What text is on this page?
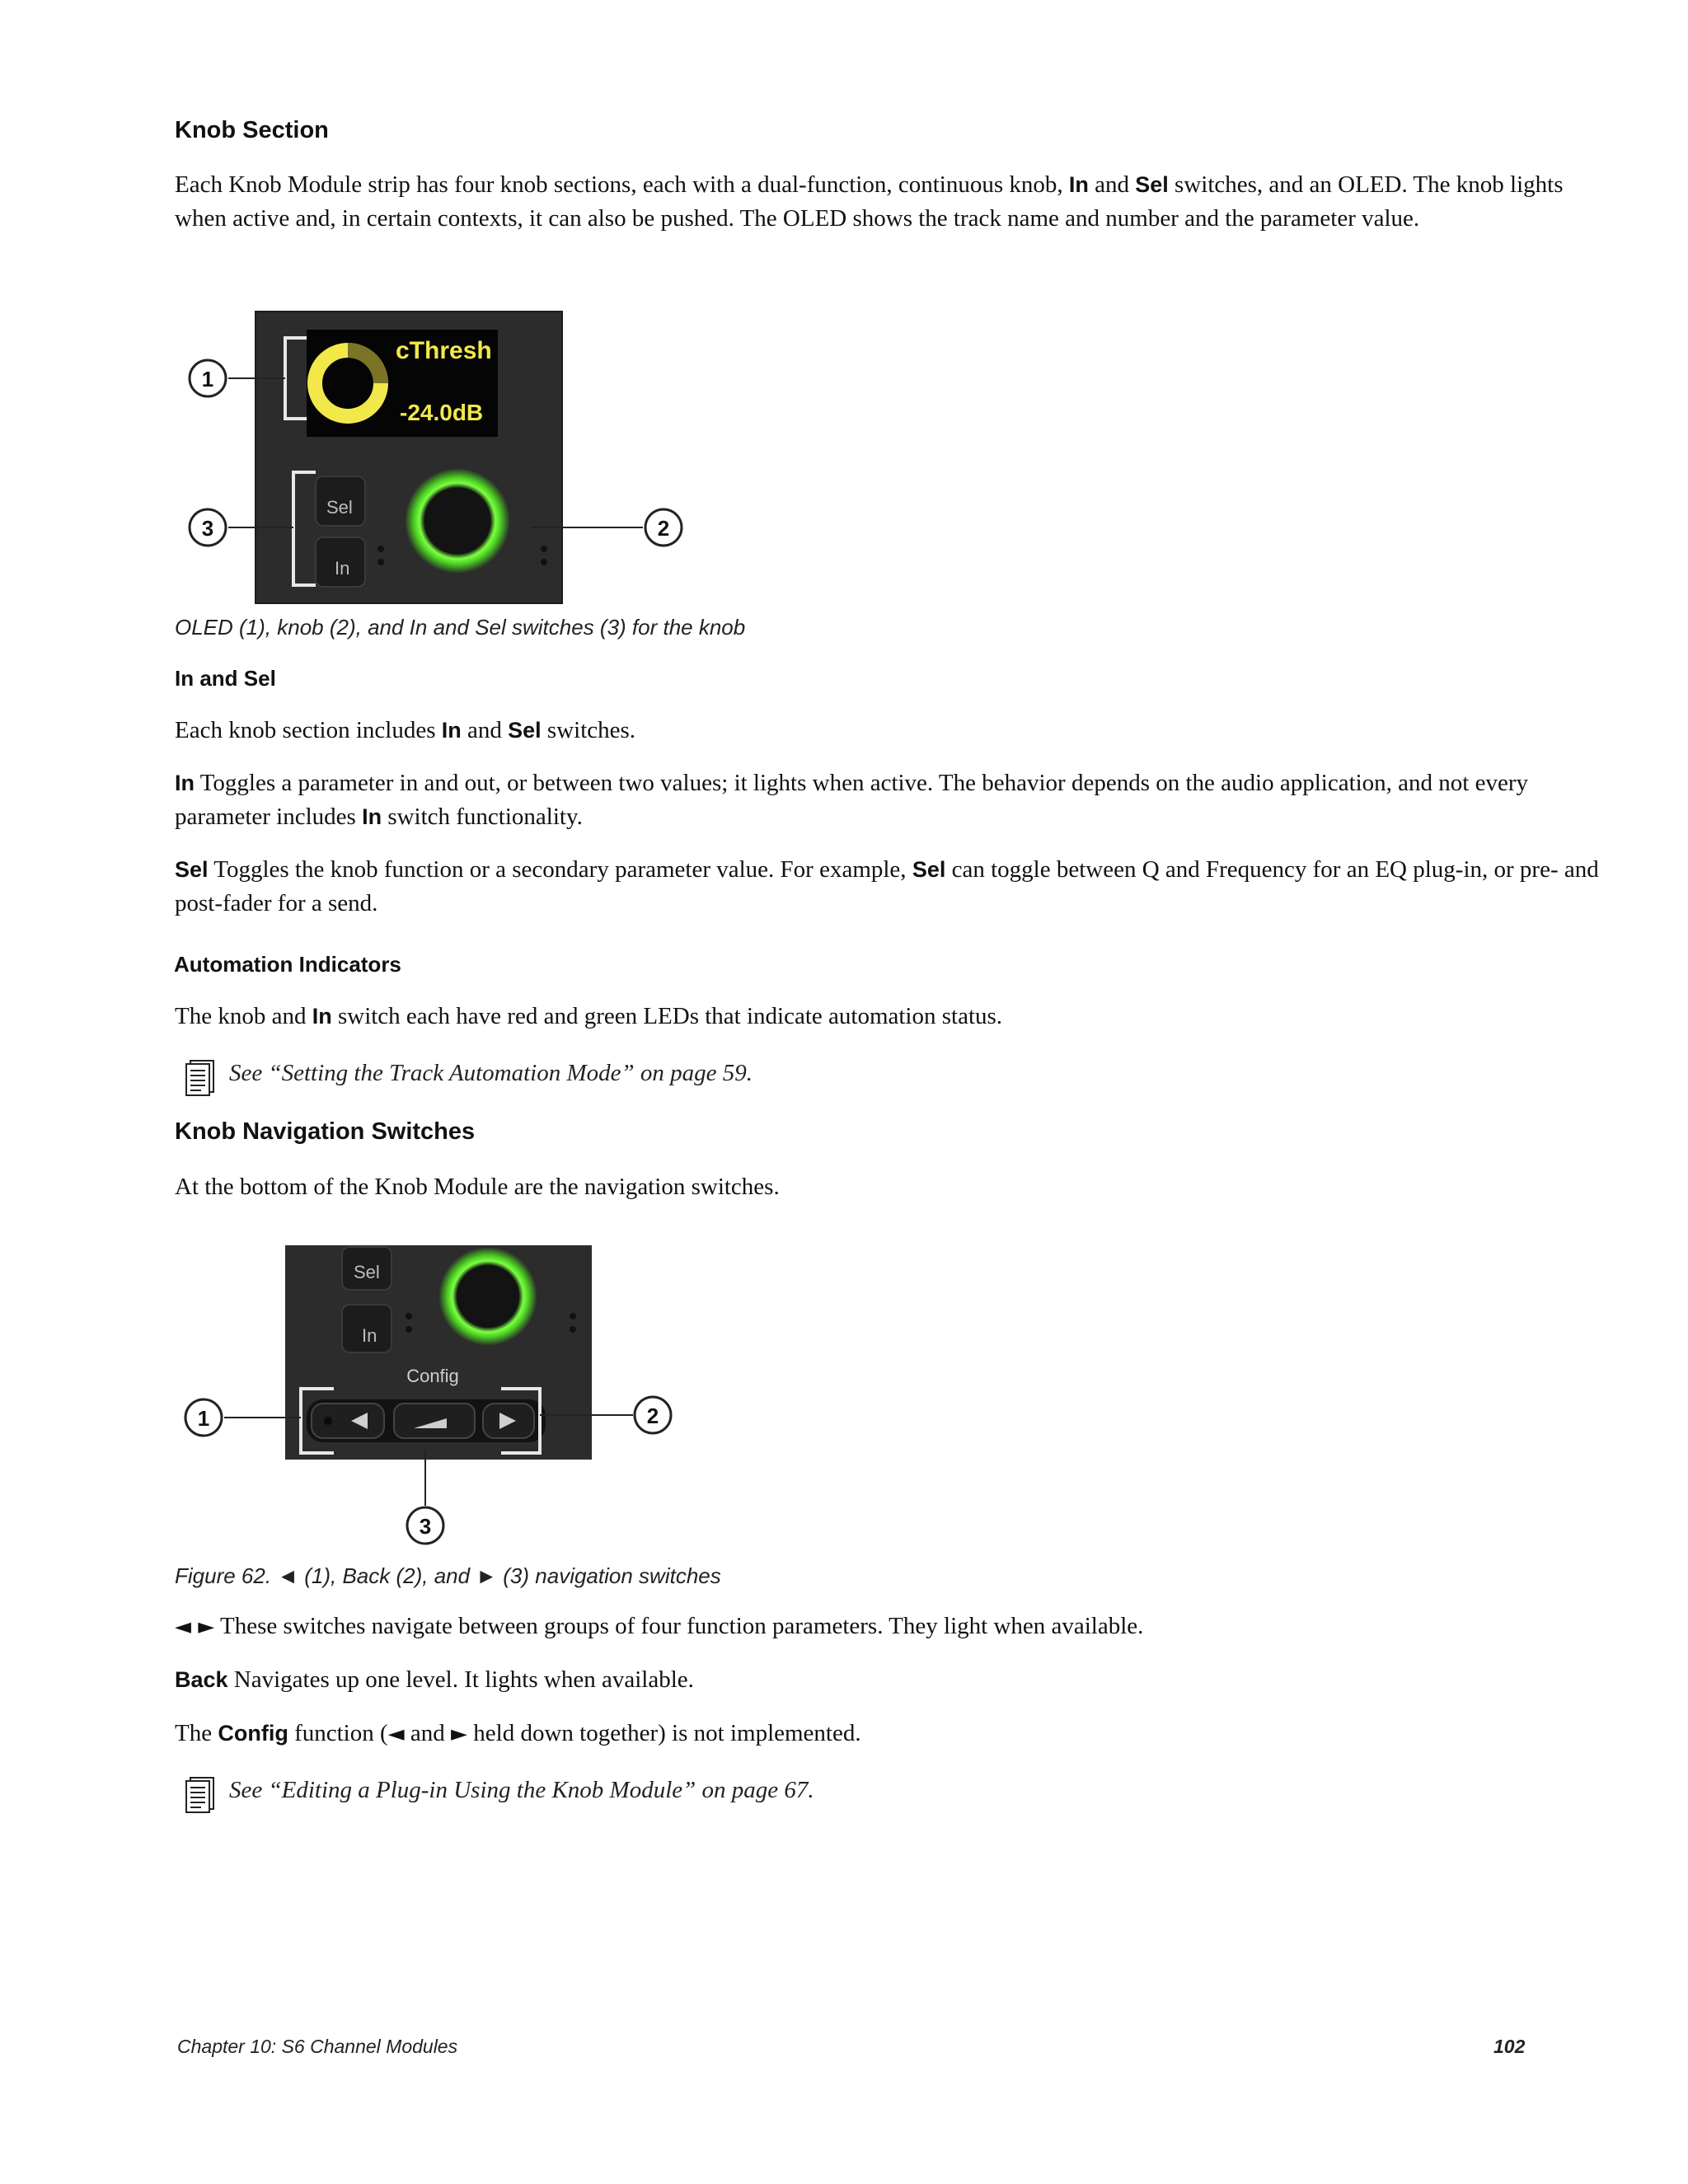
Knob Section
Each Knob Module strip has four knob sections, each with a dual-function, continuous knob, In and Sel switches, and an OLED. The knob lights when active and, in certain contexts, it can also be pushed. The OLED shows the track name and number and the parameter value.
cThresh
-24.0dB
Sel
In
1
3	2
OLED (1), knob (2), and In and Sel switches (3) for the knob
In and Sel
Each knob section includes In and Sel switches.
In Toggles a parameter in and out, or between two values; it lights when active. The behavior depends on the audio application, and not every parameter includes In switch functionality.
Sel Toggles the knob function or a secondary parameter value. For example, Sel can toggle between Q and Frequency for an EQ plug-in, or pre- and post-fader for a send.
Automation Indicators
The knob and In switch each have red and green LEDs that indicate automation status.
See “Setting the Track Automation Mode” on page 59.
Knob Navigation Switches
At the bottom of the Knob Module are the navigation switches.
Sel
In
Config
1	2
3
Figure 62. ◄ (1), Back (2), and ► (3) navigation switches
◄ ► These switches navigate between groups of four function parameters. They light when available.
Back Navigates up one level. It lights when available.
The Config function (◄ and ► held down together) is not implemented.
See “Editing a Plug-in Using the Knob Module” on page 67.
Chapter 10: S6 Channel Modules	102
